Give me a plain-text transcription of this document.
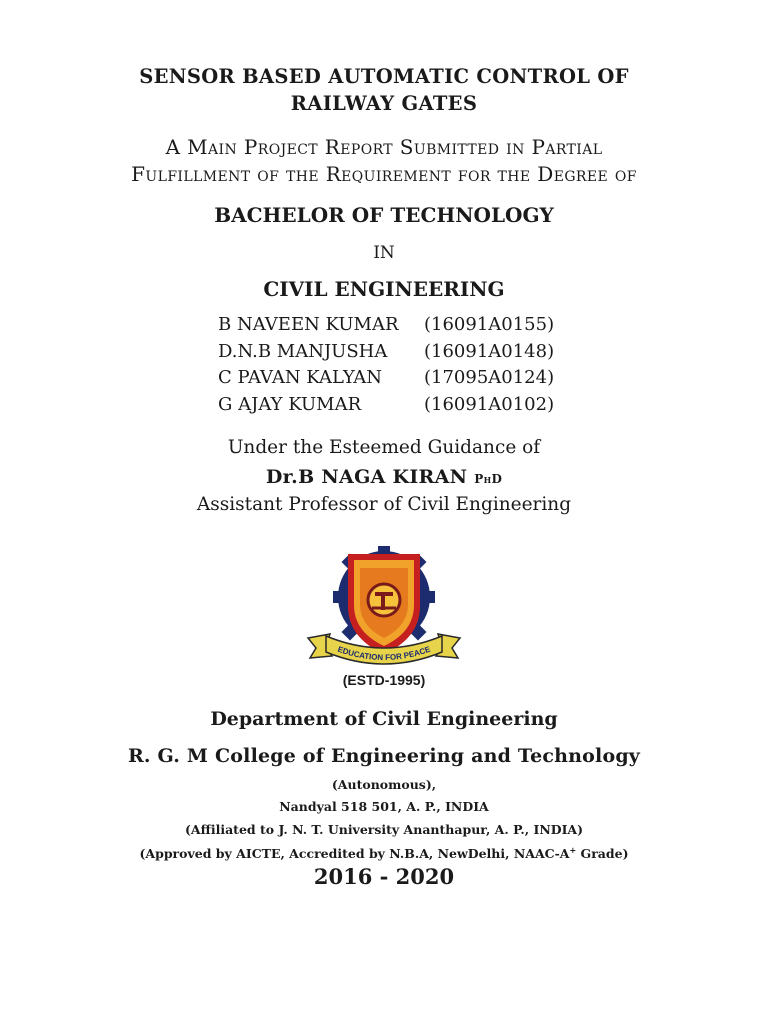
SENSOR BASED AUTOMATIC CONTROL OF
RAILWAY GATES
A Main Project Report Submitted in Partial
Fulfillment of the Requirement for the Degree of
BACHELOR OF TECHNOLOGY
IN
CIVIL ENGINEERING
B NAVEEN KUMAR	(16091A0155)
D.N.B MANJUSHA	(16091A0148)
C PAVAN KALYAN	(17095A0124)
G AJAY KUMAR	(16091A0102)
Under the Esteemed Guidance of
Dr.B NAGA KIRAN PhD
Assistant Professor of Civil Engineering
EDUCATION FOR PEACE
(ESTD-1995)
Department of Civil Engineering
R. G. M College of Engineering and Technology
(Autonomous),
Nandyal 518 501, A. P., INDIA
(Affiliated to J. N. T. University Ananthapur, A. P., INDIA)
(Approved by AICTE, Accredited by N.B.A, NewDelhi, NAAC-A+ Grade)
2016 - 2020
